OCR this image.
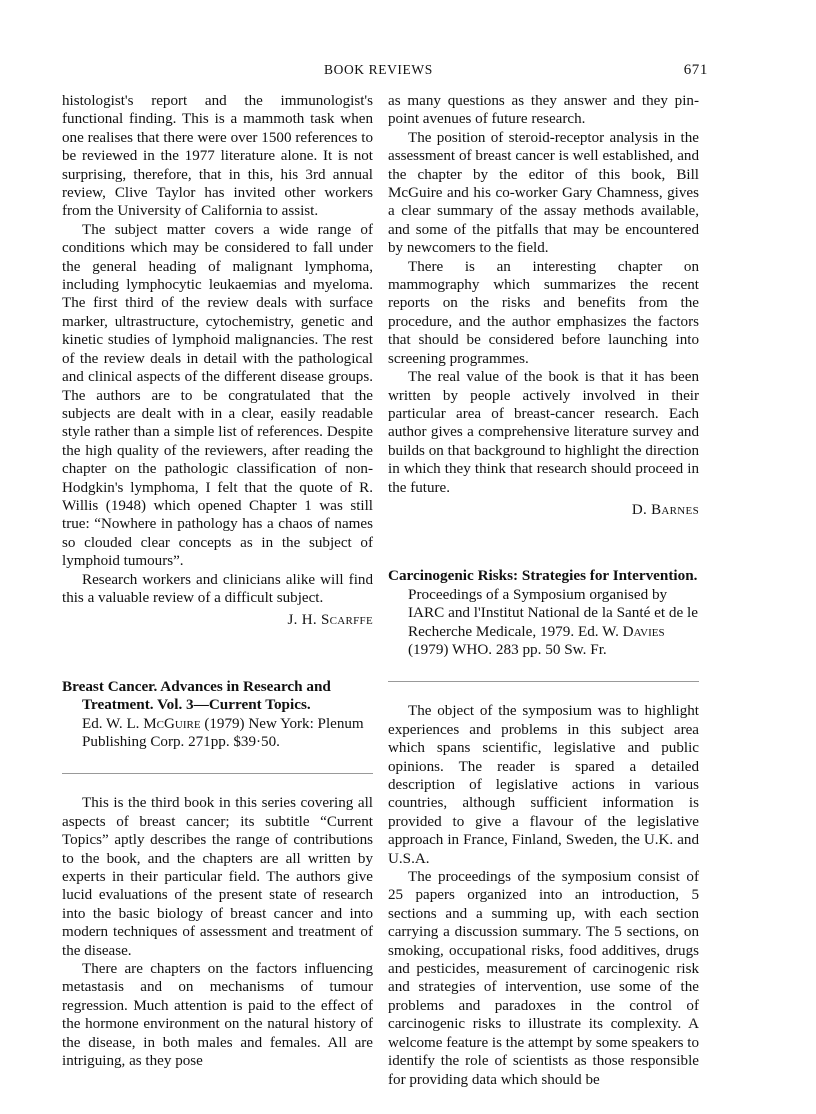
BOOK REVIEWS	671

histologist's report and the immunologist's functional finding. This is a mammoth task when one realises that there were over 1500 references to be reviewed in the 1977 literature alone. It is not surprising, therefore, that in this, his 3rd annual review, Clive Taylor has invited other workers from the University of California to assist.

The subject matter covers a wide range of conditions which may be considered to fall under the general heading of malignant lymphoma, including lymphocytic leukaemias and myeloma. The first third of the review deals with surface marker, ultrastructure, cytochemistry, genetic and kinetic studies of lymphoid malignancies. The rest of the review deals in detail with the pathological and clinical aspects of the different disease groups. The authors are to be congratulated that the subjects are dealt with in a clear, easily readable style rather than a simple list of references. Despite the high quality of the reviewers, after reading the chapter on the pathologic classification of non-Hodgkin's lymphoma, I felt that the quote of R. Willis (1948) which opened Chapter 1 was still true: “Nowhere in pathology has a chaos of names so clouded clear concepts as in the subject of lymphoid tumours”.

Research workers and clinicians alike will find this a valuable review of a difficult subject.

J. H. Scarffe

Breast Cancer. Advances in Research and Treatment. Vol. 3—Current Topics.

Ed. W. L. McGuire (1979) New York: Plenum Publishing Corp. 271pp. $39·50.

This is the third book in this series covering all aspects of breast cancer; its subtitle “Current Topics” aptly describes the range of contributions to the book, and the chapters are all written by experts in their particular field. The authors give lucid evaluations of the present state of research into the basic biology of breast cancer and into modern techniques of assessment and treatment of the disease.

There are chapters on the factors influencing metastasis and on mechanisms of tumour regression. Much attention is paid to the effect of the hormone environment on the natural history of the disease, in both males and females. All are intriguing, as they pose

as many questions as they answer and they pin-point avenues of future research.

The position of steroid-receptor analysis in the assessment of breast cancer is well established, and the chapter by the editor of this book, Bill McGuire and his co-worker Gary Chamness, gives a clear summary of the assay methods available, and some of the pitfalls that may be encountered by newcomers to the field.

There is an interesting chapter on mammography which summarizes the recent reports on the risks and benefits from the procedure, and the author emphasizes the factors that should be considered before launching into screening programmes.

The real value of the book is that it has been written by people actively involved in their particular area of breast-cancer research. Each author gives a comprehensive literature survey and builds on that background to highlight the direction in which they think that research should proceed in the future.

D. Barnes

Carcinogenic Risks: Strategies for Intervention. Proceedings of a Symposium organised by IARC and l'Institut National de la Santé et de le Recherche Medicale, 1979. Ed. W. Davies (1979) WHO. 283 pp. 50 Sw. Fr.

The object of the symposium was to highlight experiences and problems in this subject area which spans scientific, legislative and public opinions. The reader is spared a detailed description of legislative actions in various countries, although sufficient information is provided to give a flavour of the legislative approach in France, Finland, Sweden, the U.K. and U.S.A.

The proceedings of the symposium consist of 25 papers organized into an introduction, 5 sections and a summing up, with each section carrying a discussion summary. The 5 sections, on smoking, occupational risks, food additives, drugs and pesticides, measurement of carcinogenic risk and strategies of intervention, use some of the problems and paradoxes in the control of carcinogenic risks to illustrate its complexity. A welcome feature is the attempt by some speakers to identify the role of scientists as those responsible for providing data which should be
